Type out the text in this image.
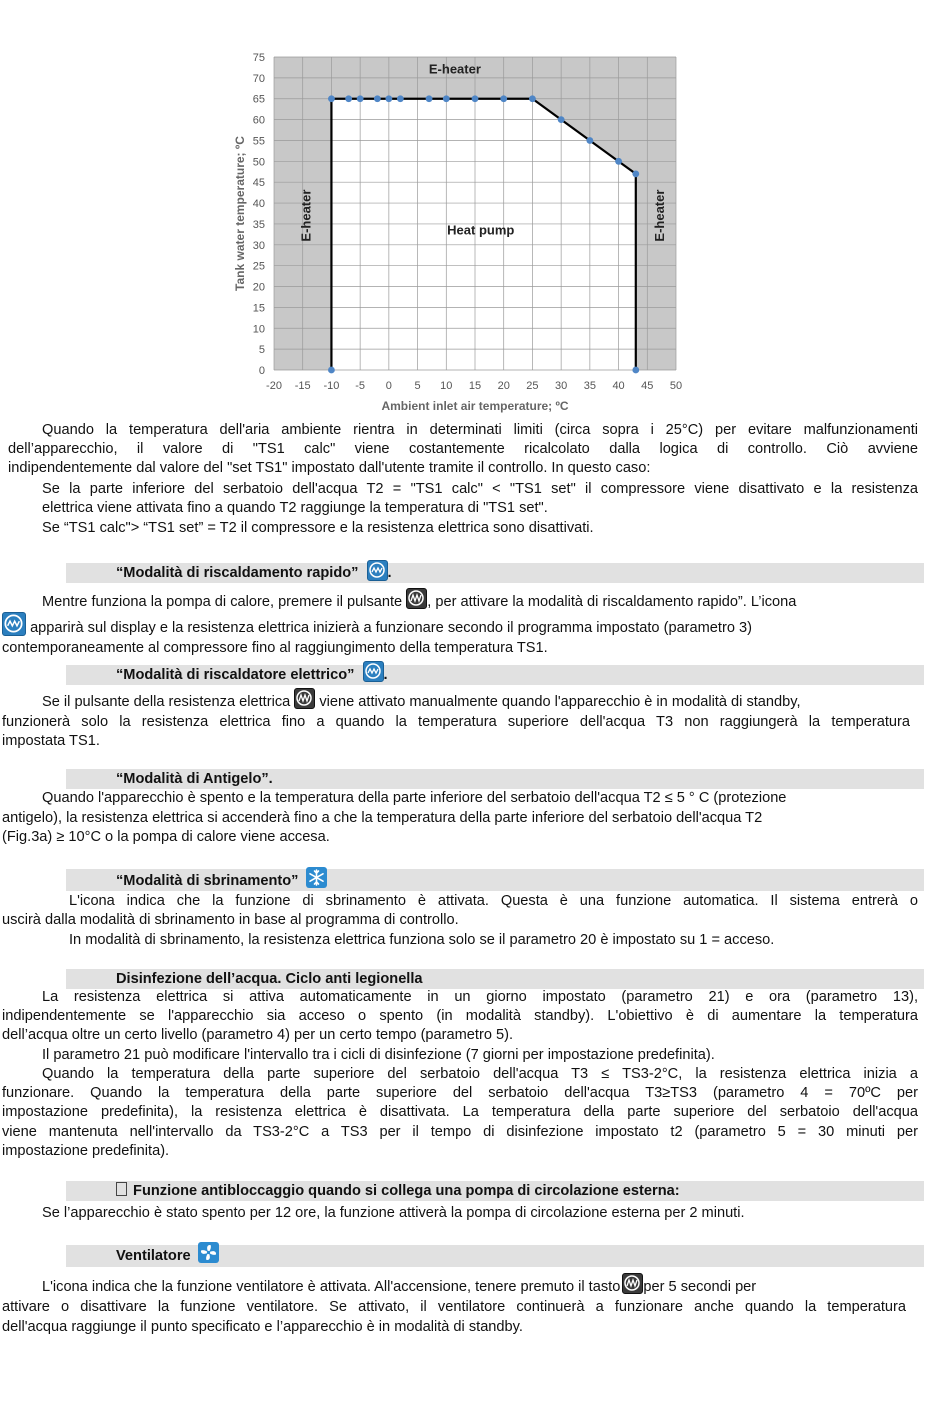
0
5
10
15
20
25
30
35
40
45
50
55
60
65
70
75
-20 -15 -10 -5 0 5 10 15 20 25 30 35 40 45 50
Ambient inlet air temperature; ºC
Tank water temperature; ºC
E-heater
E-heater	E-heater
Heat pump
Quando la temperatura dell'aria ambiente rientra in determinati limiti (circa sopra i 25°C) per evitare malfunzionamenti
dell’apparecchio, il valore di "TS1 calc" viene costantemente ricalcolato dalla logica di controllo. Ciò avviene
indipendentemente dal valore del "set TS1" impostato dall'utente tramite il controllo. In questo caso:
Se la parte inferiore del serbatoio dell'acqua T2 = "TS1 calc" < "TS1 set" il compressore viene disattivato e la resistenza
elettrica viene attivata fino a quando T2 raggiunge la temperatura di "TS1 set".
Se “TS1 calc"> “TS1 set” = T2 il compressore e la resistenza elettrica sono disattivati.
“Modalità di riscaldamento rapido” .
Mentre funziona la pompa di calore, premere il pulsante , per attivare la modalità di riscaldamento rapido”. L’icona
apparirà sul display e la resistenza elettrica inizierà a funzionare secondo il programma impostato (parametro 3)
contemporaneamente al compressore fino al raggiungimento della temperatura TS1.
“Modalità di riscaldatore elettrico” .
Se il pulsante della resistenza elettrica viene attivato manualmente quando l'apparecchio è in modalità di standby,
funzionerà solo la resistenza elettrica fino a quando la temperatura superiore dell'acqua T3 non raggiungerà la temperatura
impostata TS1.
“Modalità di Antigelo”.
Quando l'apparecchio è spento e la temperatura della parte inferiore del serbatoio dell'acqua T2 ≤ 5 ° C (protezione
antigelo), la resistenza elettrica si accenderà fino a che la temperatura della parte inferiore del serbatoio dell'acqua T2
(Fig.3a) ≥ 10°C o la pompa di calore viene accesa.
“Modalità di sbrinamento”
L'icona indica che la funzione di sbrinamento è attivata. Questa è una funzione automatica. Il sistema entrerà o
uscirà dalla modalità di sbrinamento in base al programma di controllo.
In modalità di sbrinamento, la resistenza elettrica funziona solo se il parametro 20 è impostato su 1 = acceso.
Disinfezione dell’acqua. Ciclo anti legionella
La resistenza elettrica si attiva automaticamente in un giorno impostato (parametro 21) e ora (parametro 13),
indipendentemente se l'apparecchio sia acceso o spento (in modalità standby). L'obiettivo è di aumentare la temperatura
dell’acqua oltre un certo livello (parametro 4) per un certo tempo (parametro 5).
Il parametro 21 può modificare l'intervallo tra i cicli di disinfezione (7 giorni per impostazione predefinita).
Quando la temperatura della parte superiore del serbatoio dell'acqua T3 ≤ TS3-2°C, la resistenza elettrica inizia a
funzionare. Quando la temperatura della parte superiore del serbatoio dell'acqua T3≥TS3 (parametro 4 = 70ºC per
impostazione predefinita), la resistenza elettrica è disattivata. La temperatura della parte superiore del serbatoio dell'acqua
viene mantenuta nell'intervallo da TS3-2°C a TS3 per il tempo di disinfezione impostato t2 (parametro 5 = 30 minuti per
impostazione predefinita).
Funzione antibloccaggio quando si collega una pompa di circolazione esterna:
Se l’apparecchio è stato spento per 12 ore, la funzione attiverà la pompa di circolazione esterna per 2 minuti.
Ventilatore
L'icona indica che la funzione ventilatore è attivata. All'accensione, tenere premuto il tasto per 5 secondi per
attivare o disattivare la funzione ventilatore. Se attivato, il ventilatore continuerà a funzionare anche quando la temperatura
dell'acqua raggiunge il punto specificato e l’apparecchio è in modalità di standby.
